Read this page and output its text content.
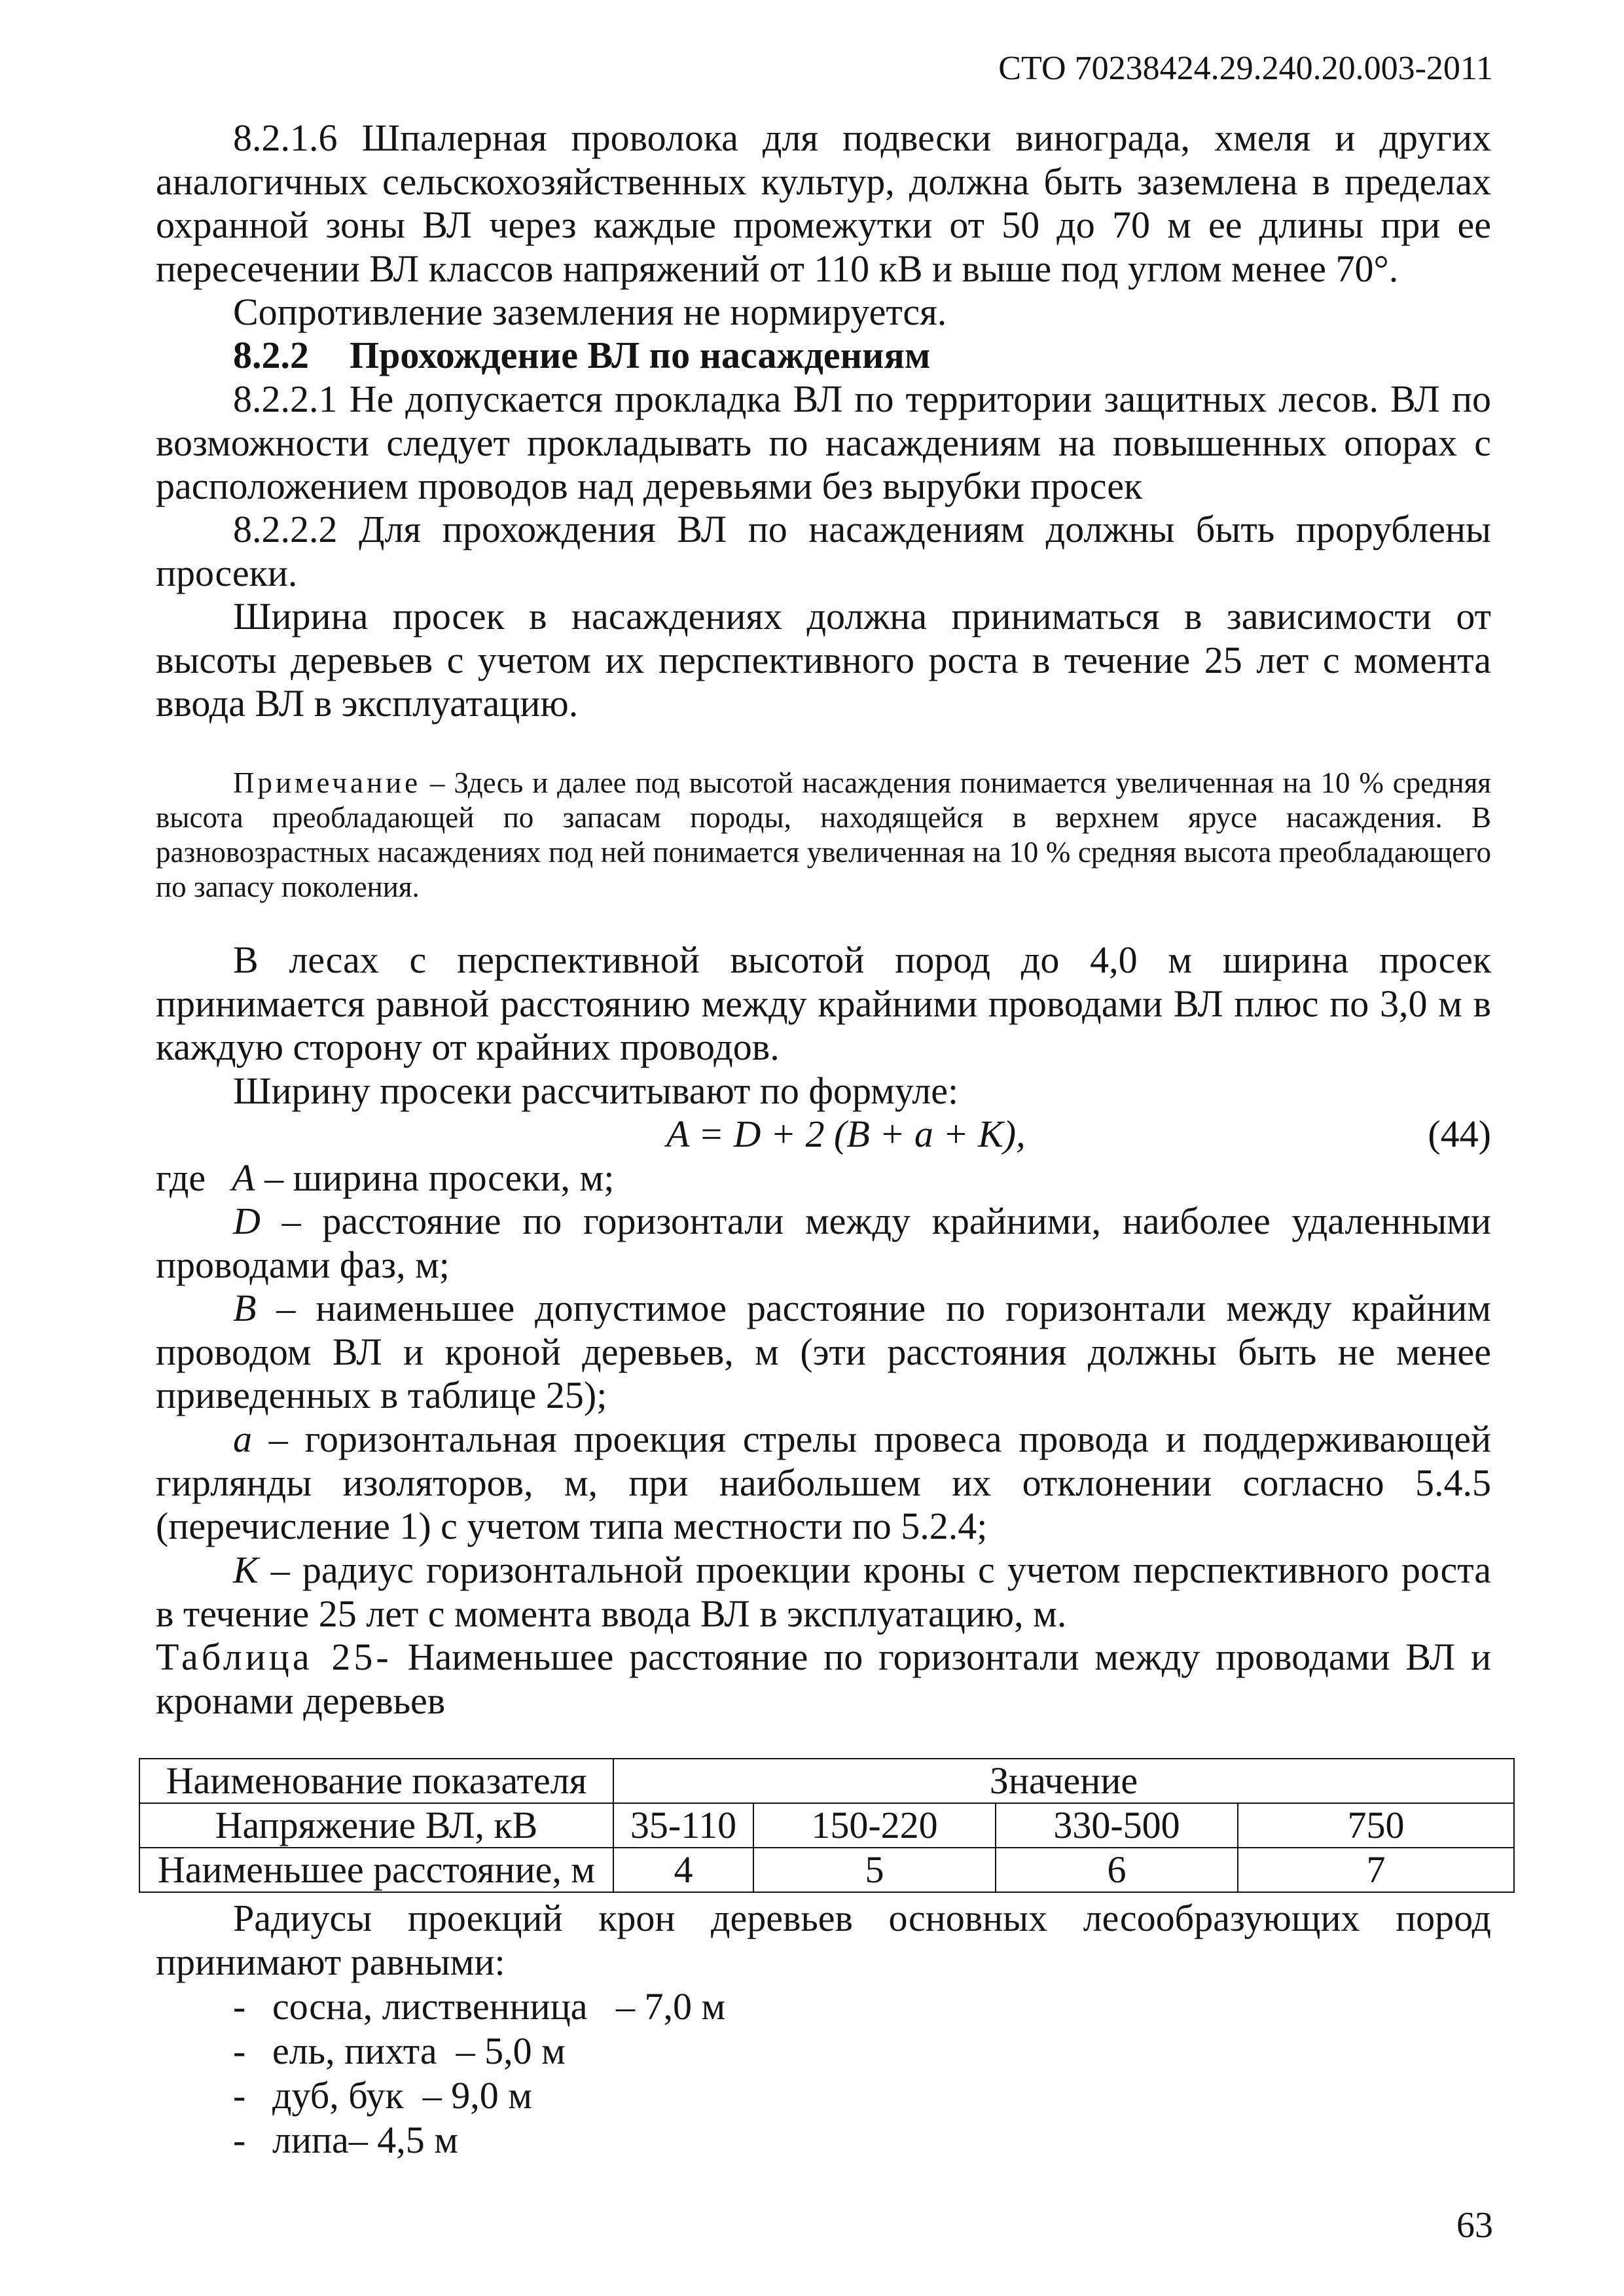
СТО 70238424.29.240.20.003-2011

8.2.1.6 Шпалерная проволока для подвески винограда, хмеля и других аналогичных сельскохозяйственных культур, должна быть заземлена в пределах охранной зоны ВЛ через каждые промежутки от 50 до 70 м ее длины при ее пересечении ВЛ классов напряжений от 110 кВ и выше под углом менее 70°.

Сопротивление заземления не нормируется.

8.2.2 Прохождение ВЛ по насаждениям

8.2.2.1 Не допускается прокладка ВЛ по территории защитных лесов. ВЛ по возможности следует прокладывать по насаждениям на повышенных опорах с расположением проводов над деревьями без вырубки просек

8.2.2.2 Для прохождения ВЛ по насаждениям должны быть прорублены просеки.

Ширина просек в насаждениях должна приниматься в зависимости от высоты деревьев с учетом их перспективного роста в течение 25 лет с момента ввода ВЛ в эксплуатацию.

Примечание – Здесь и далее под высотой насаждения понимается увеличенная на 10 % средняя высота преобладающей по запасам породы, находящейся в верхнем ярусе насаждения. В разновозрастных насаждениях под ней понимается увеличенная на 10 % средняя высота преобладающего по запасу поколения.

В лесах с перспективной высотой пород до 4,0 м ширина просек принимается равной расстоянию между крайними проводами ВЛ плюс по 3,0 м в каждую сторону от крайних проводов.

Ширину просеки рассчитывают по формуле:

A = D + 2 (B + a + K),	(44)

где A – ширина просеки, м;

D – расстояние по горизонтали между крайними, наиболее удаленными проводами фаз, м;

B – наименьшее допустимое расстояние по горизонтали между крайним проводом ВЛ и кроной деревьев, м (эти расстояния должны быть не менее приведенных в таблице 25);

a – горизонтальная проекция стрелы провеса провода и поддерживающей гирлянды изоляторов, м, при наибольшем их отклонении согласно 5.4.5 (перечисление 1) с учетом типа местности по 5.2.4;

K – радиус горизонтальной проекции кроны с учетом перспективного роста в течение 25 лет с момента ввода ВЛ в эксплуатацию, м.

Таблица 25- Наименьшее расстояние по горизонтали между проводами ВЛ и кронами деревьев

Наименование показателя	Значение			
Напряжение ВЛ, кВ	35-110	150-220	330-500	750
Наименьшее расстояние, м	4	5	6	7

Радиусы проекций крон деревьев основных лесообразующих пород принимают равными:

- сосна, лиственница   – 7,0 м
- ель, пихта  – 5,0 м
- дуб, бук  – 9,0 м
- липа– 4,5 м
63
